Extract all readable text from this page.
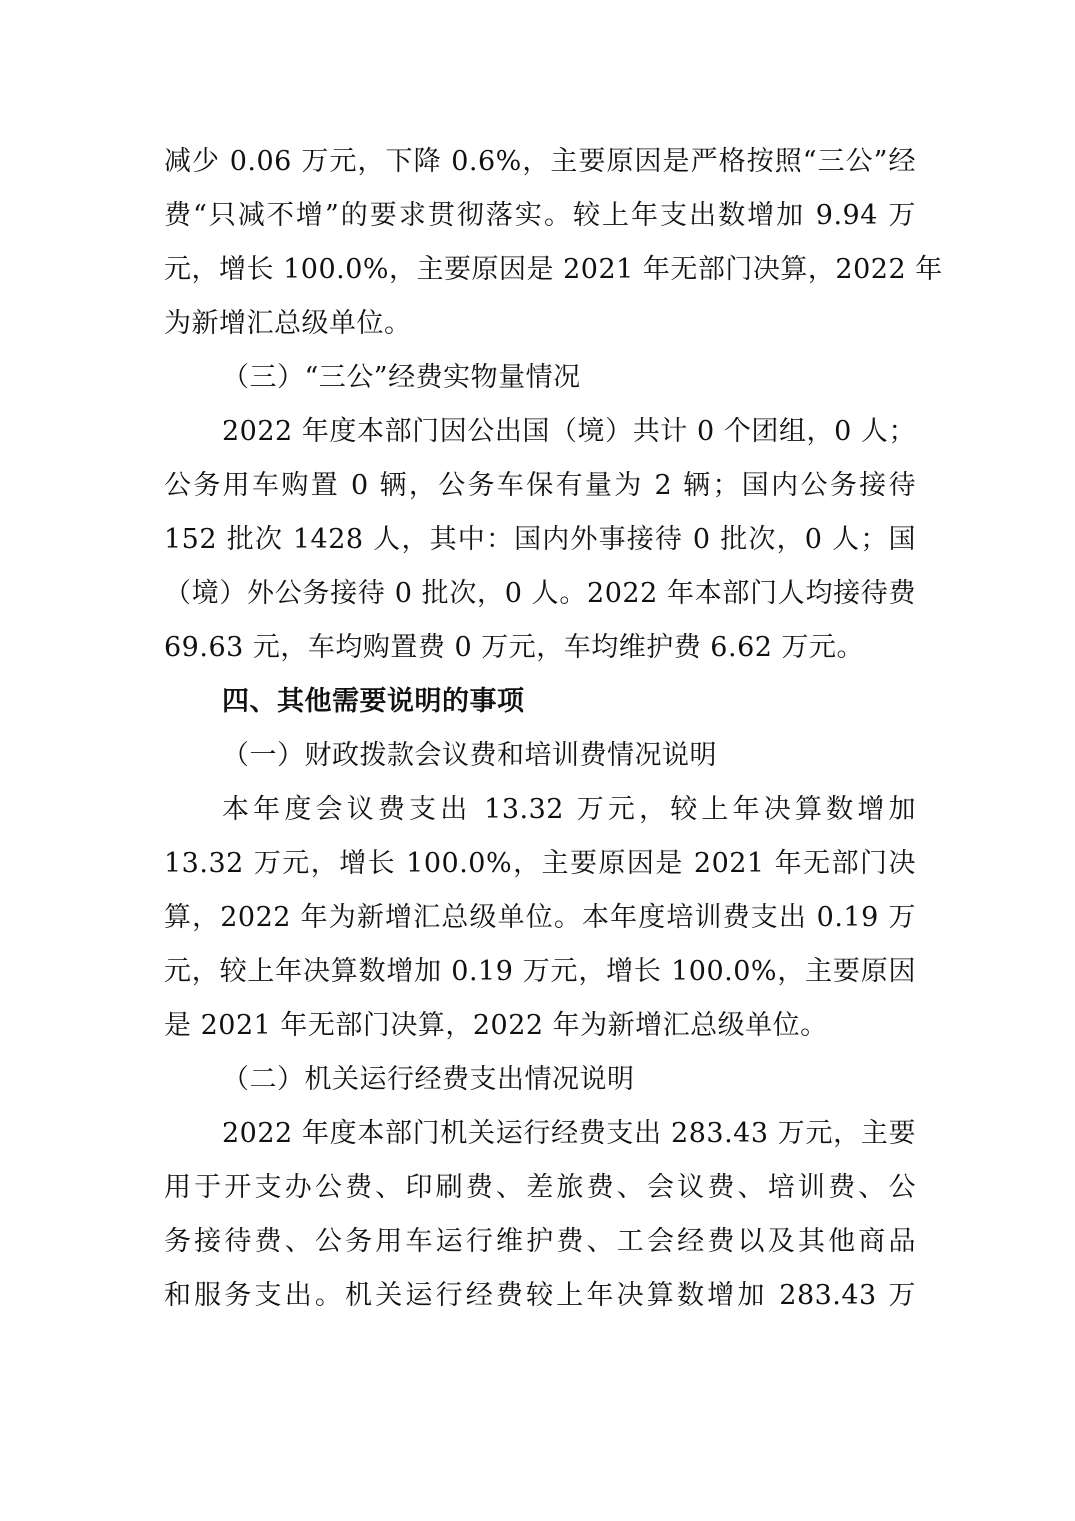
减少 0.06 万元，下降 0.6%，主要原因是严格按照“三公”经
费“只减不增”的要求贯彻落实。较上年支出数增加 9.94 万
元，增长 100.0%，主要原因是 2021 年无部门决算，2022 年
为新增汇总级单位。
（三）“三公”经费实物量情况
2022 年度本部门因公出国（境）共计 0 个团组，0 人；
公务用车购置 0 辆，公务车保有量为 2 辆；国内公务接待
152 批次 1428 人，其中：国内外事接待 0 批次，0 人；国
（境）外公务接待 0 批次，0 人。2022 年本部门人均接待费
69.63 元，车均购置费 0 万元，车均维护费 6.62 万元。
四、其他需要说明的事项
（一）财政拨款会议费和培训费情况说明
本年度会议费支出 13.32 万元，较上年决算数增加
13.32 万元，增长 100.0%，主要原因是 2021 年无部门决
算，2022 年为新增汇总级单位。本年度培训费支出 0.19 万
元，较上年决算数增加 0.19 万元，增长 100.0%，主要原因
是 2021 年无部门决算，2022 年为新增汇总级单位。
（二）机关运行经费支出情况说明
2022 年度本部门机关运行经费支出 283.43 万元，主要
用于开支办公费、印刷费、差旅费、会议费、培训费、公
务接待费、公务用车运行维护费、工会经费以及其他商品
和服务支出。机关运行经费较上年决算数增加 283.43 万
